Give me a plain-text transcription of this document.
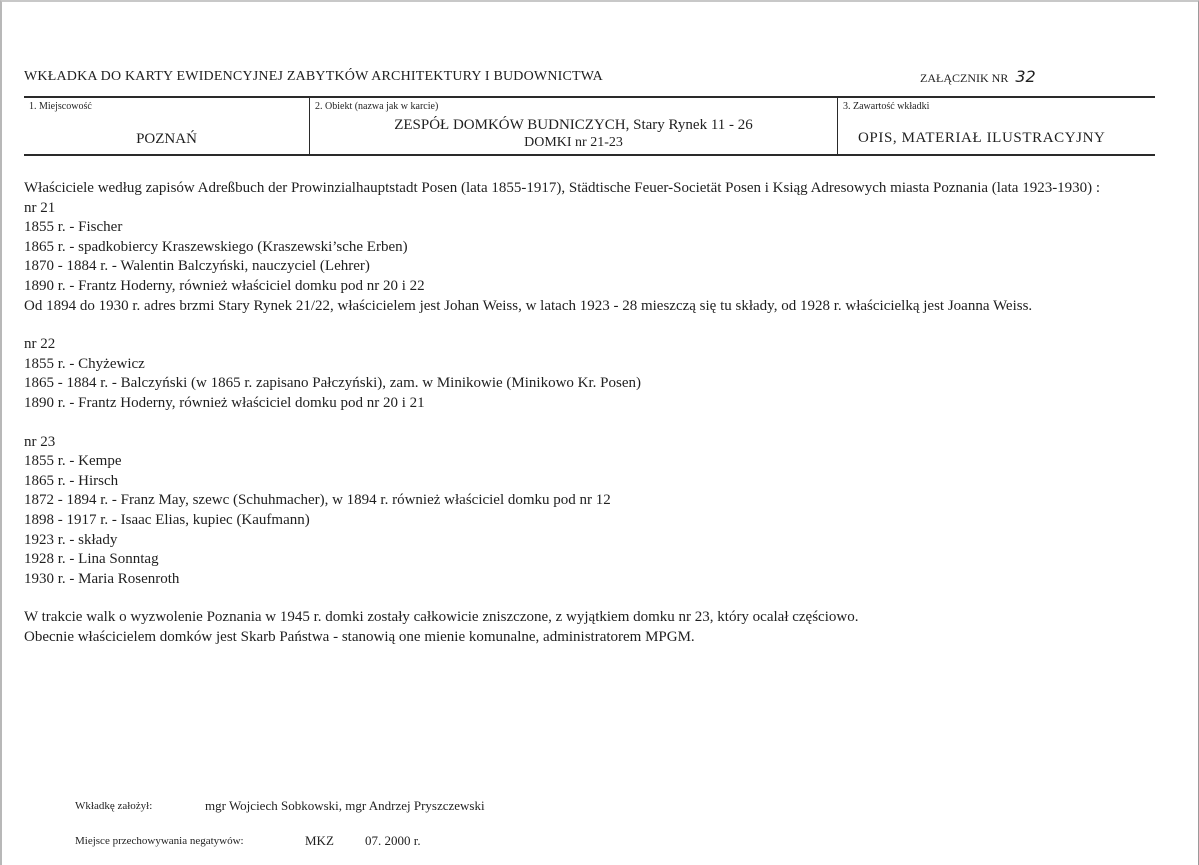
WKŁADKA DO KARTY EWIDENCYJNEJ ZABYTKÓW ARCHITEKTURY I BUDOWNICTWA	ZAŁĄCZNIK NR 32
1. Miejscowość
POZNAŃ
2. Obiekt (nazwa jak w karcie)
ZESPÓŁ DOMKÓW BUDNICZYCH, Stary Rynek 11 - 26
DOMKI nr 21-23
3. Zawartość wkładki
OPIS, MATERIAŁ ILUSTRACYJNY

Właściciele według zapisów Adreßbuch der Prowinzialhauptstadt Posen (lata 1855-1917), Städtische Feuer-Societät Posen i Ksiąg Adresowych miasta Poznania (lata 1923-1930) :

nr 21

1855 r. - Fischer

1865 r. - spadkobiercy Kraszewskiego (Kraszewski’sche Erben)

1870 - 1884 r. - Walentin Balczyński, nauczyciel (Lehrer)

1890 r. - Frantz Hoderny, również właściciel domku pod nr 20 i 22

Od 1894 do 1930 r. adres brzmi Stary Rynek 21/22, właścicielem jest Johan Weiss, w latach 1923 - 28 mieszczą się tu składy, od 1928 r. właścicielką jest Joanna Weiss.

nr 22

1855 r. - Chyżewicz

1865 - 1884 r. - Balczyński (w 1865 r. zapisano Pałczyński), zam. w Minikowie (Minikowo Kr. Posen)

1890 r. - Frantz Hoderny, również właściciel domku pod nr 20 i 21

nr 23

1855 r. - Kempe

1865 r. - Hirsch

1872 - 1894 r. - Franz May, szewc (Schuhmacher), w 1894 r. również właściciel domku pod nr 12

1898 - 1917 r. - Isaac Elias, kupiec (Kaufmann)

1923 r. - składy

1928 r. - Lina Sonntag

1930 r. - Maria Rosenroth

W trakcie walk o wyzwolenie Poznania w 1945 r. domki zostały całkowicie zniszczone, z wyjątkiem domku nr 23, który ocalał częściowo.

Obecnie właścicielem domków jest Skarb Państwa - stanowią one mienie komunalne, administratorem MPGM.

Wkładkę założył:	mgr Wojciech Sobkowski, mgr Andrzej Pryszczewski
Miejsce przechowywania negatywów:	MKZ 07. 2000 r.
